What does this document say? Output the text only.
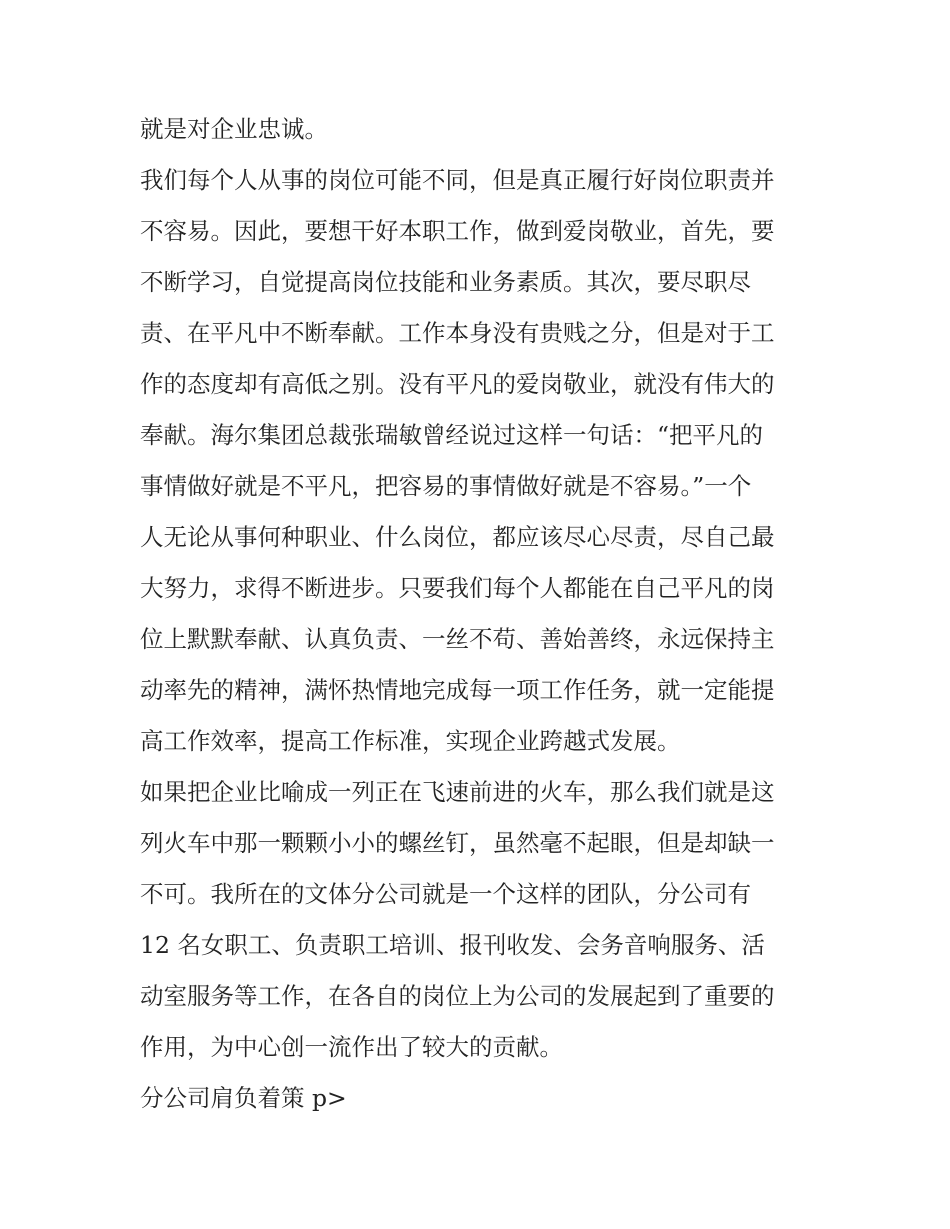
就是对企业忠诚。
我们每个人从事的岗位可能不同，但是真正履行好岗位职责并
不容易。因此，要想干好本职工作，做到爱岗敬业，首先，要
不断学习，自觉提高岗位技能和业务素质。其次，要尽职尽
责、在平凡中不断奉献。工作本身没有贵贱之分，但是对于工
作的态度却有高低之别。没有平凡的爱岗敬业，就没有伟大的
奉献。海尔集团总裁张瑞敏曾经说过这样一句话：“把平凡的
事情做好就是不平凡，把容易的事情做好就是不容易。”一个
人无论从事何种职业、什么岗位，都应该尽心尽责，尽自己最
大努力，求得不断进步。只要我们每个人都能在自己平凡的岗
位上默默奉献、认真负责、一丝不苟、善始善终，永远保持主
动率先的精神，满怀热情地完成每一项工作任务，就一定能提
高工作效率，提高工作标准，实现企业跨越式发展。
如果把企业比喻成一列正在飞速前进的火车，那么我们就是这
列火车中那一颗颗小小的螺丝钉，虽然毫不起眼，但是却缺一
不可。我所在的文体分公司就是一个这样的团队，分公司有
12 名女职工、负责职工培训、报刊收发、会务音响服务、活
动室服务等工作，在各自的岗位上为公司的发展起到了重要的
作用，为中心创一流作出了较大的贡献。
分公司肩负着策 p>
